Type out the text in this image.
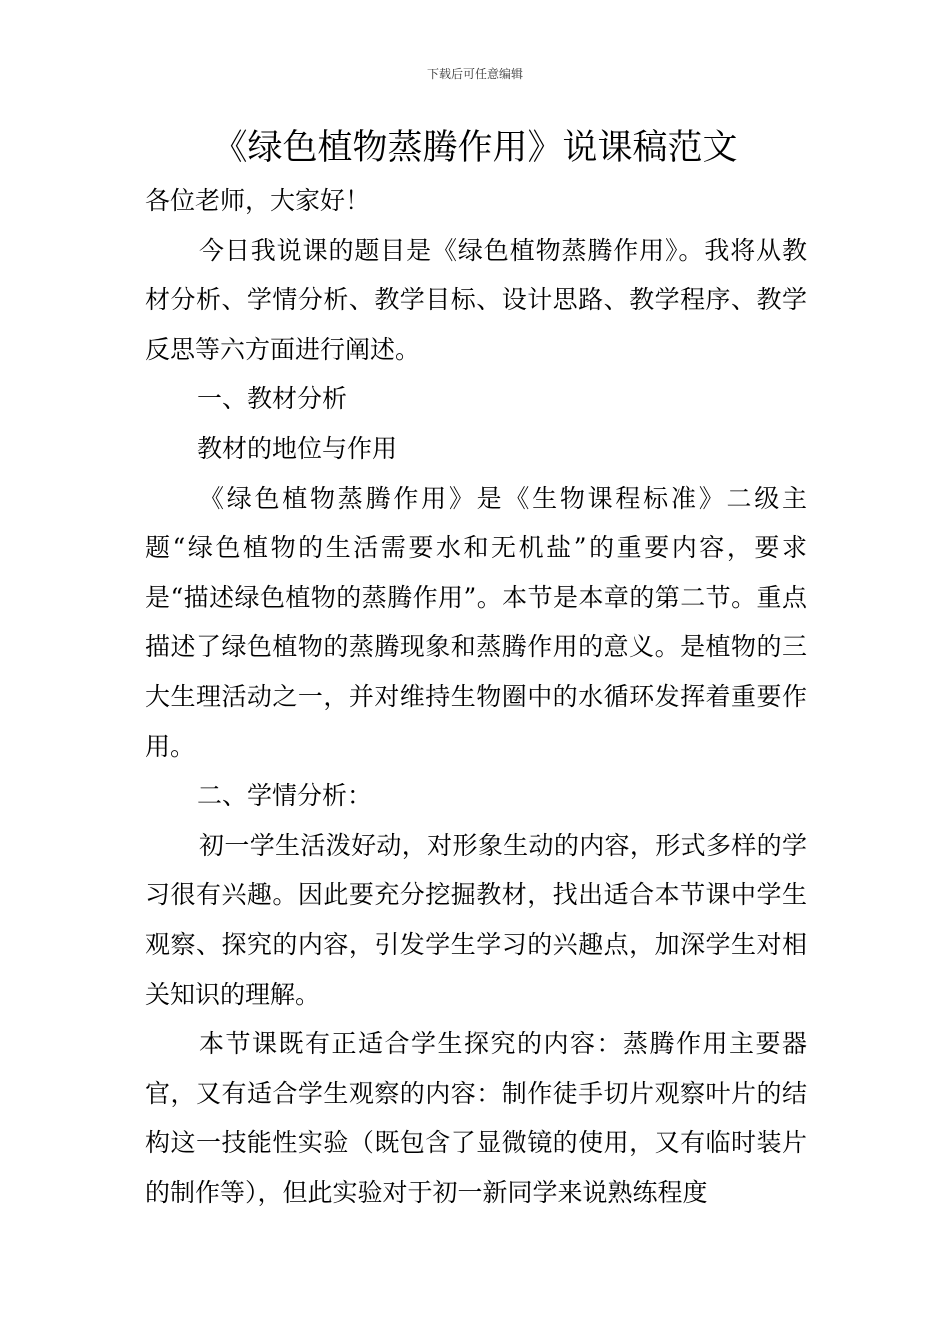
下载后可任意编辑
《绿色植物蒸腾作用》说课稿范文

各位老师，大家好！

今日我说课的题目是《绿色植物蒸腾作用》。我将从教材分析、学情分析、教学目标、设计思路、教学程序、教学反思等六方面进行阐述。

一、教材分析

教材的地位与作用

《绿色植物蒸腾作用》是《生物课程标准》二级主题“绿色植物的生活需要水和无机盐”的重要内容，要求是“描述绿色植物的蒸腾作用”。本节是本章的第二节。重点描述了绿色植物的蒸腾现象和蒸腾作用的意义。是植物的三大生理活动之一，并对维持生物圈中的水循环发挥着重要作用。

二、学情分析：

初一学生活泼好动，对形象生动的内容，形式多样的学习很有兴趣。因此要充分挖掘教材，找出适合本节课中学生观察、探究的内容，引发学生学习的兴趣点，加深学生对相关知识的理解。

本节课既有正适合学生探究的内容：蒸腾作用主要器官，又有适合学生观察的内容：制作徒手切片观察叶片的结构这一技能性实验（既包含了显微镜的使用，又有临时装片的制作等），但此实验对于初一新同学来说熟练程度
